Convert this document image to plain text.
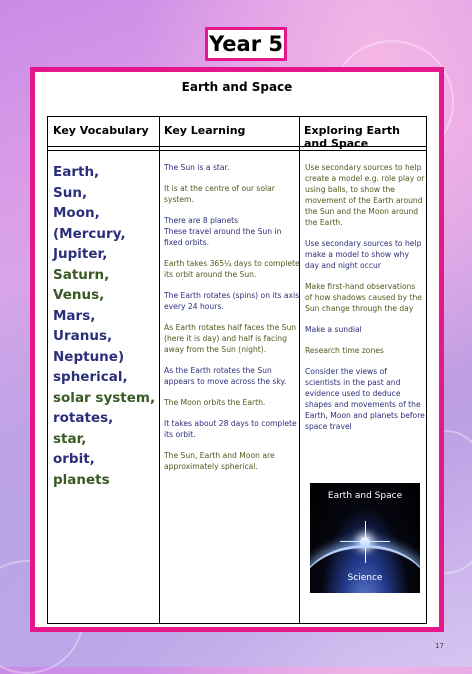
Year 5
Earth and Space
Key Vocabulary Key Learning	Exploring Earth and Space
Earth,
Sun,
Moon,
(Mercury,
Jupiter,
Saturn, Venus,
Mars, Uranus,
Neptune)
spherical,
solar system,
rotates,
star,
orbit,
planets

The Sun is a star.

It is at the centre of our solar system.

There are 8 planets
These travel around the Sun in fixed orbits.

Earth takes 365¼ days to complete its orbit around the Sun.

The Earth rotates (spins) on its axis every 24 hours.

As Earth rotates half faces the Sun (here it is day) and half is facing away from the Sun (night).

As the Earth rotates the Sun appears to move across the sky.

The Moon orbits the Earth.

It takes about 28 days to complete its orbit.

The Sun, Earth and Moon are approximately spherical.

Use secondary sources to help create a model e.g. role play or using balls, to show the movement of the Earth around the Sun and the Moon around the Earth.

Use secondary sources to help make a model to show why day and night occur

Make first-hand observations of how shadows caused by the Sun change through the day

Make a sundial

Research time zones

Consider the views of scientists in the past and evidence used to deduce shapes and movements of the Earth, Moon and planets before space travel

Earth and Space
Science
17
